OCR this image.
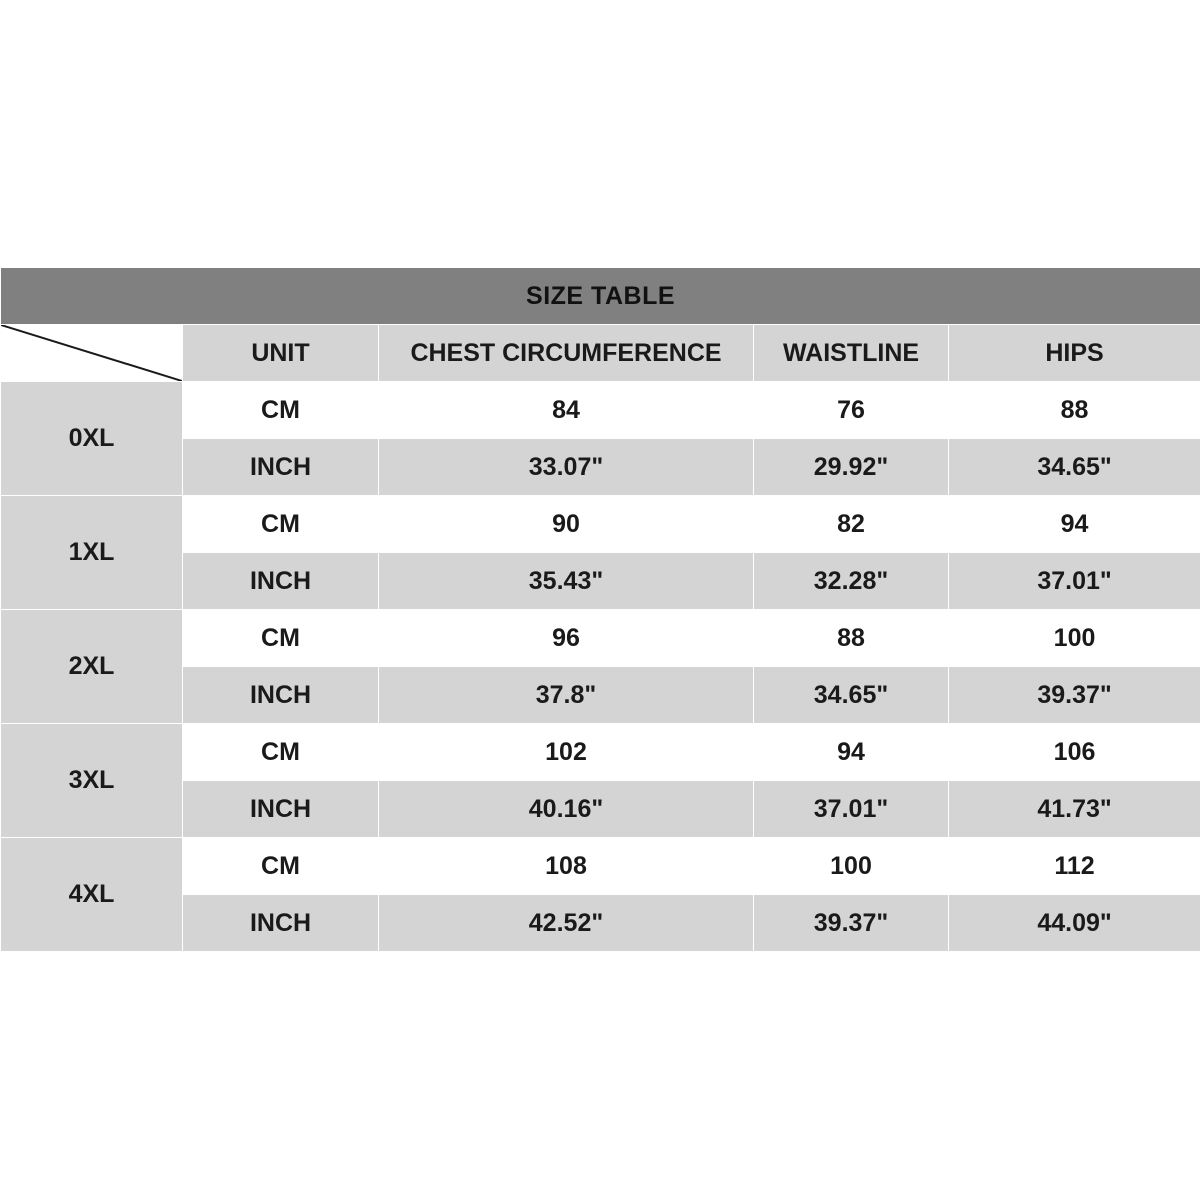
SIZE TABLE				

	UNIT	CHEST CIRCUMFERENCE	WAISTLINE	HIPS
0XL	CM	84	76	88
	INCH	33.07"	29.92"	34.65"
1XL	CM	90	82	94
	INCH	35.43"	32.28"	37.01"
2XL	CM	96	88	100
	INCH	37.8"	34.65"	39.37"
3XL	CM	102	94	106
	INCH	40.16"	37.01"	41.73"
4XL	CM	108	100	112
	INCH	42.52"	39.37"	44.09"
